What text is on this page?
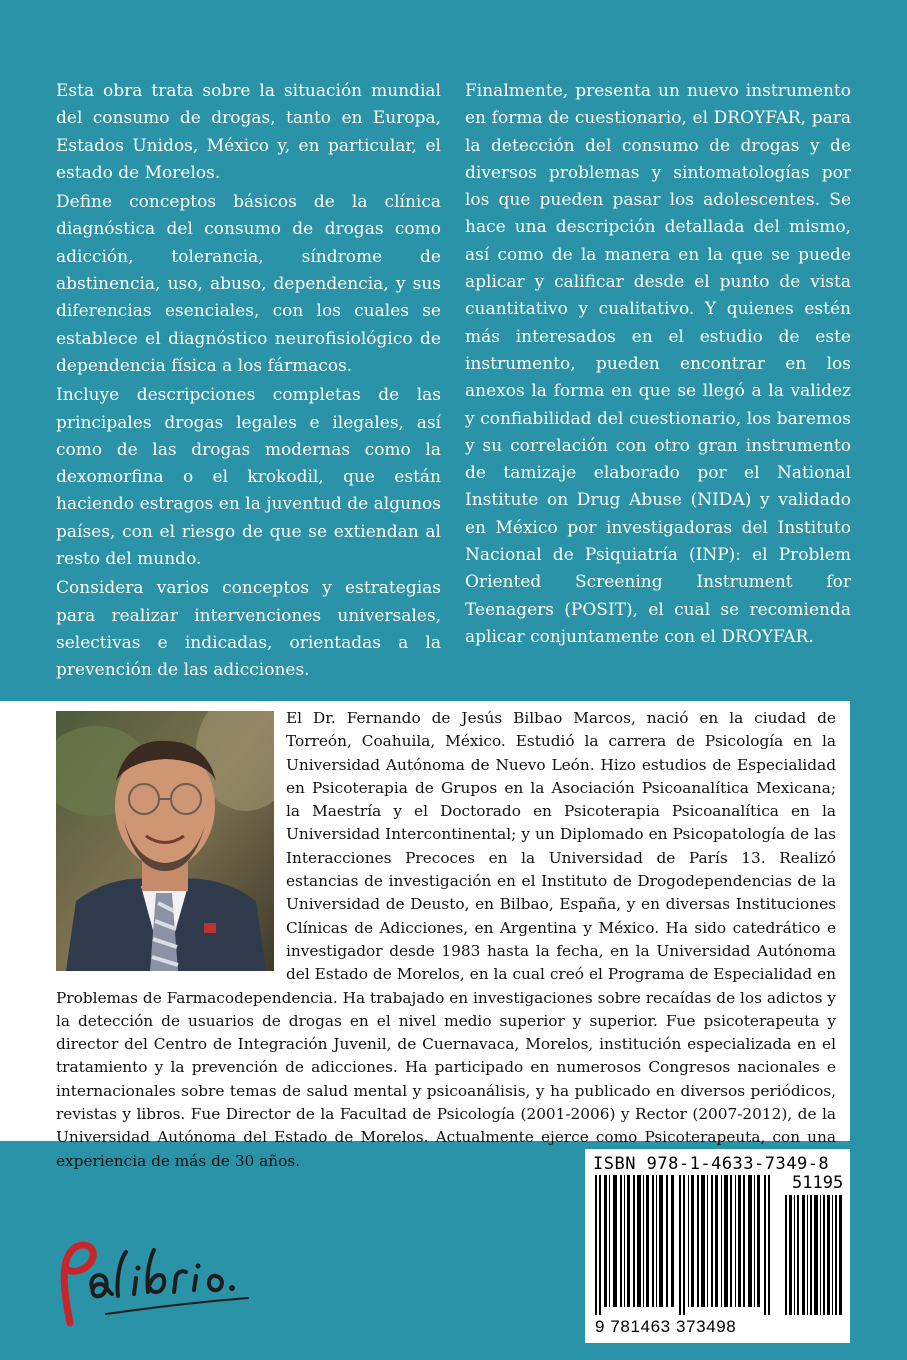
Esta obra trata sobre la situación mundial del consumo de drogas, tanto en Europa, Estados Unidos, México y, en particular, el estado de Morelos.

Define conceptos básicos de la clínica diagnóstica del consumo de drogas como adicción, tolerancia, síndrome de abstinencia, uso, abuso, dependencia, y sus diferencias esenciales, con los cuales se establece el diagnóstico neurofisiológico de dependencia física a los fármacos.

Incluye descripciones completas de las principales drogas legales e ilegales, así como de las drogas modernas como la dexomorfina o el krokodil, que están haciendo estragos en la juventud de algunos países, con el riesgo de que se extiendan al resto del mundo.

Considera varios conceptos y estrategias para realizar intervenciones universales, selectivas e indicadas, orientadas a la prevención de las adicciones.

Finalmente, presenta un nuevo instrumento en forma de cuestionario, el DROYFAR, para la detección del consumo de drogas y de diversos problemas y sintomatologías por los que pueden pasar los adolescentes. Se hace una descripción detallada del mismo, así como de la manera en la que se puede aplicar y calificar desde el punto de vista cuantitativo y cualitativo. Y quienes estén más interesados en el estudio de este instrumento, pueden encontrar en los anexos la forma en que se llegó a la validez y confiabilidad del cuestionario, los baremos y su correlación con otro gran instrumento de tamizaje elaborado por el National Institute on Drug Abuse (NIDA) y validado en México por investigadoras del Instituto Nacional de Psiquiatría (INP): el Problem Oriented Screening Instrument for Teenagers (POSIT), el cual se recomienda aplicar conjuntamente con el DROYFAR.

El Dr. Fernando de Jesús Bilbao Marcos, nació en la ciudad de Torreón, Coahuila, México. Estudió la carrera de Psicología en la Universidad Autónoma de Nuevo León. Hizo estudios de Especialidad en Psicoterapia de Grupos en la Asociación Psicoanalítica Mexicana; la Maestría y el Doctorado en Psicoterapia Psicoanalítica en la Universidad Intercontinental; y un Diplomado en Psicopatología de las Interacciones Precoces en la Universidad de París 13. Realizó estancias de investigación en el Instituto de Drogodependencias de la Universidad de Deusto, en Bilbao, España, y en diversas Instituciones Clínicas de Adicciones, en Argentina y México. Ha sido catedrático e investigador desde 1983 hasta la fecha, en la Universidad Autónoma del Estado de Morelos, en la cual creó el Programa de Especialidad en Problemas de Farmacodependencia. Ha trabajado en investigaciones sobre recaídas de los adictos y la detección de usuarios de drogas en el nivel medio superior y superior. Fue psicoterapeuta y director del Centro de Integración Juvenil, de Cuernavaca, Morelos, institución especializada en el tratamiento y la prevención de adicciones. Ha participado en numerosos Congresos nacionales e internacionales sobre temas de salud mental y psicoanálisis, y ha publicado en diversos periódicos, revistas y libros. Fue Director de la Facultad de Psicología (2001-2006) y Rector (2007-2012), de la Universidad Autónoma del Estado de Morelos. Actualmente ejerce como Psicoterapeuta, con una experiencia de más de 30 años.	ISBN 978-1-4633-7349-8
51195
9 781463 373498
